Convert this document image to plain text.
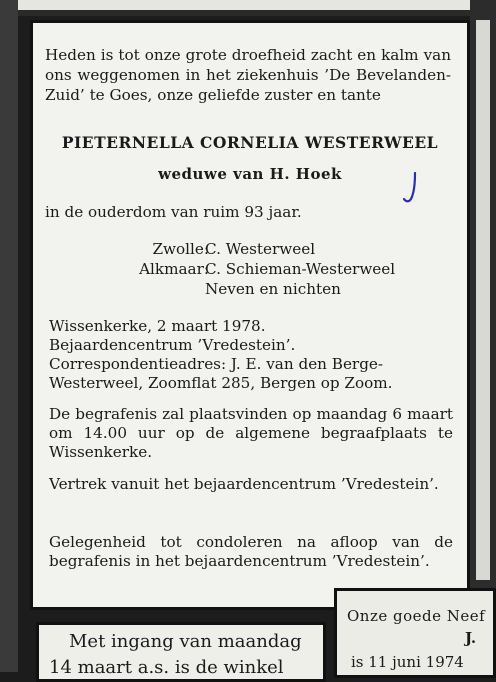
Heden is tot onze grote droefheid zacht en kalm van ons weggenomen in het ziekenhuis ’De Bevelanden-Zuid’ te Goes, onze geliefde zuster en tante

PIETERNELLA CORNELIA WESTERWEEL
weduwe van H. Hoek
in de ouderdom van ruim 93 jaar.
Zwolle:
C. Westerweel
Alkmaar:
C. Schieman-Westerweel
Neven en nichten
Wissenkerke, 2 maart 1978.
Bejaardencentrum ’Vredestein’.
Correspondentieadres: J. E. van den Berge-Westerweel, Zoomflat 285, Bergen op Zoom.

De begrafenis zal plaatsvinden op maandag 6 maart om 14.00 uur op de algemene begraafplaats te Wissenkerke.

Vertrek vanuit het bejaardencentrum ’Vredestein’.

Gelegenheid tot condoleren na afloop van de begrafenis in het bejaardencentrum ’Vredestein’.

Met ingang van maandag
14 maart a.s. is de winkel
Onze goede Neef
J.
is 11 juni 1974
